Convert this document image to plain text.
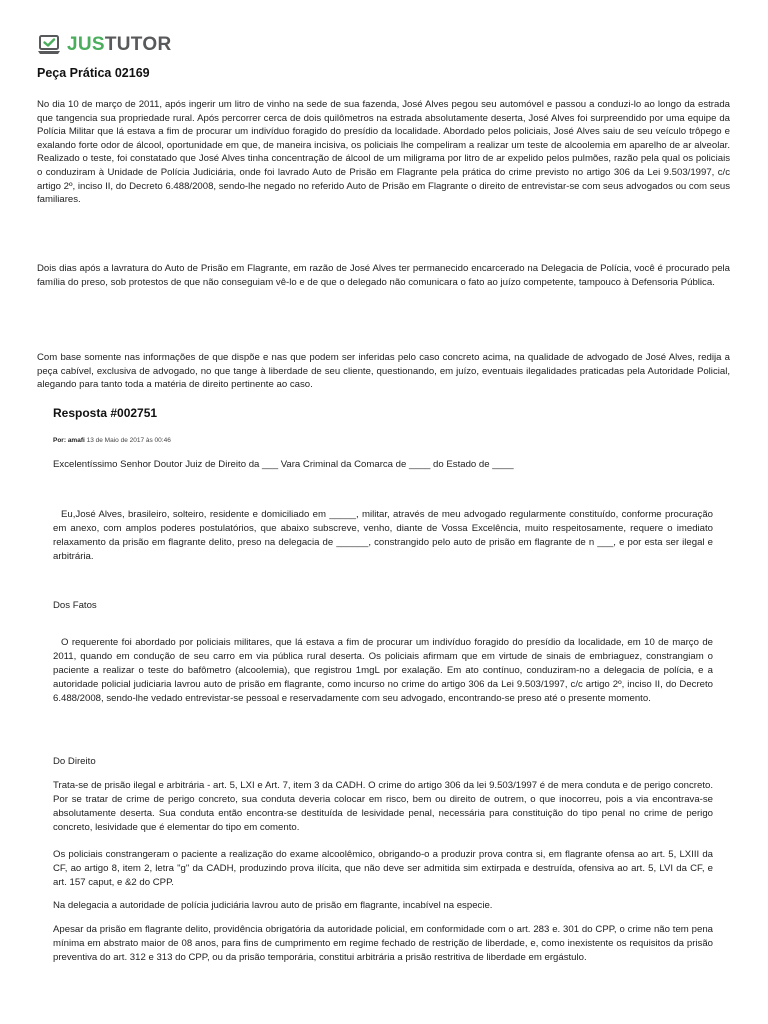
JUSTUTOR
Peça Prática 02169

No dia 10 de março de 2011, após ingerir um litro de vinho na sede de sua fazenda, José Alves pegou seu automóvel e passou a conduzi-lo ao longo da estrada que tangencia sua propriedade rural. Após percorrer cerca de dois quilômetros na estrada absolutamente deserta, José Alves foi surpreendido por uma equipe da Polícia Militar que lá estava a fim de procurar um indivíduo foragido do presídio da localidade. Abordado pelos policiais, José Alves saiu de seu veículo trôpego e exalando forte odor de álcool, oportunidade em que, de maneira incisiva, os policiais lhe compeliram a realizar um teste de alcoolemia em aparelho de ar alveolar. Realizado o teste, foi constatado que José Alves tinha concentração de álcool de um miligrama por litro de ar expelido pelos pulmões, razão pela qual os policiais o conduziram à Unidade de Polícia Judiciária, onde foi lavrado Auto de Prisão em Flagrante pela prática do crime previsto no artigo 306 da Lei 9.503/1997, c/c artigo 2º, inciso II, do Decreto 6.488/2008, sendo-lhe negado no referido Auto de Prisão em Flagrante o direito de entrevistar-se com seus advogados ou com seus familiares.

Dois dias após a lavratura do Auto de Prisão em Flagrante, em razão de José Alves ter permanecido encarcerado na Delegacia de Polícia, você é procurado pela família do preso, sob protestos de que não conseguiam vê-lo e de que o delegado não comunicara o fato ao juízo competente, tampouco à Defensoria Pública.

Com base somente nas informações de que dispõe e nas que podem ser inferidas pelo caso concreto acima, na qualidade de advogado de José Alves, redija a peça cabível, exclusiva de advogado, no que tange à liberdade de seu cliente, questionando, em juízo, eventuais ilegalidades praticadas pela Autoridade Policial, alegando para tanto toda a matéria de direito pertinente ao caso.

Resposta #002751
Por: amafi 13 de Maio de 2017 às 00:46

Excelentíssimo Senhor Doutor Juiz de Direito da ___ Vara Criminal da Comarca de ____ do Estado de ____

Eu,José Alves, brasileiro, solteiro, residente e domiciliado em _____, militar, através de meu advogado regularmente constituído, conforme procuração em anexo, com amplos poderes postulatórios, que abaixo subscreve, venho, diante de Vossa Excelência, muito respeitosamente, requere o imediato relaxamento da prisão em flagrante delito, preso na delegacia de ______, constrangido pelo auto de prisão em flagrante de n ___, e por esta ser ilegal e arbitrária.

Dos Fatos

O requerente foi abordado por policiais militares, que lá estava a fim de procurar um indivíduo foragido do presídio da localidade, em 10 de março de 2011, quando em condução de seu carro em via pública rural deserta. Os policiais afirmam que em virtude de sinais de embriaguez, constrangiam o paciente a realizar o teste do bafômetro (alcoolemia), que registrou 1mgL por exalação. Em ato contínuo, conduziram-no a delegacia de polícia, e a autoridade policial judiciaria lavrou auto de prisão em flagrante, como incurso no crime do artigo 306 da Lei 9.503/1997, c/c artigo 2º, inciso II, do Decreto 6.488/2008, sendo-lhe vedado entrevistar-se pessoal e reservadamente com seu advogado, encontrando-se preso até o presente momento.

Do Direito

Trata-se de prisão ilegal e arbitrária - art. 5, LXI e Art. 7, item 3 da CADH. O crime do artigo 306 da lei 9.503/1997 é de mera conduta e de perigo concreto. Por se tratar de crime de perigo concreto, sua conduta deveria colocar em risco, bem ou direito de outrem, o que inocorreu, pois a via encontrava-se absolutamente deserta. Sua conduta então encontra-se destituída de lesividade penal, necessária para constituição do tipo penal no crime de perigo concreto, lesividade que é elementar do tipo em comento.

Os policiais constrangeram o paciente a realização do exame alcoolêmico, obrigando-o a produzir prova contra si, em flagrante ofensa ao art. 5, LXIII da CF, ao artigo 8, item 2, letra "g" da CADH, produzindo prova ilícita, que não deve ser admitida sim extirpada e destruída, ofensiva ao art. 5, LVI da CF, e art. 157 caput, e &2 do CPP.

Na delegacia a autoridade de polícia judiciária lavrou auto de prisão em flagrante, incabível na especie.

Apesar da prisão em flagrante delito, providência obrigatória da autoridade policial, em conformidade com o art. 283 e. 301 do CPP, o crime não tem pena mínima em abstrato maior de 08 anos, para fins de cumprimento em regime fechado de restrição de liberdade, e, como inexistente os requisitos da prisão preventiva do art. 312 e 313 do CPP, ou da prisão temporária, constitui arbitrária a prisão restritiva de liberdade em ergástulo.
